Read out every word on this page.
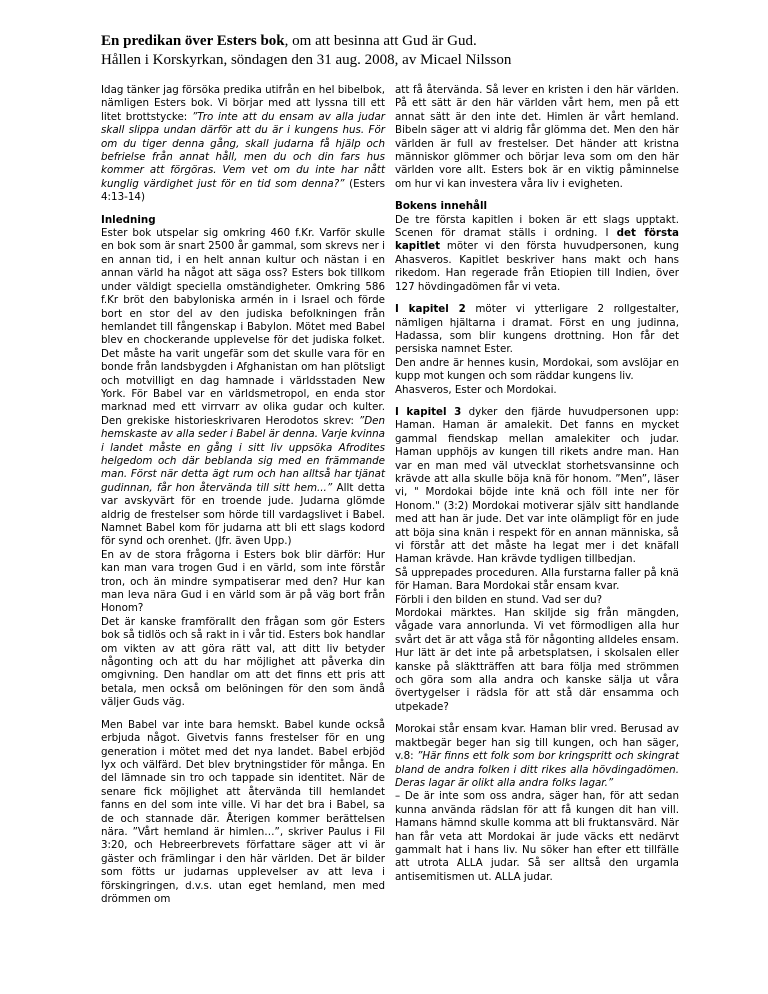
En predikan över Esters bok, om att besinna att Gud är Gud.
Hållen i Korskyrkan, söndagen den 31 aug. 2008, av Micael Nilsson

Idag tänker jag försöka predika utifrån en hel bibelbok, nämligen Esters bok. Vi börjar med att lyssna till ett litet brottstycke: ”Tro inte att du ensam av alla judar skall slippa undan därför att du är i kungens hus. För om du tiger denna gång, skall judarna få hjälp och befrielse från annat håll, men du och din fars hus kommer att förgöras. Vem vet om du inte har nått kunglig värdighet just för en tid som denna?” (Esters 4:13-14)

Inledning
Ester bok utspelar sig omkring 460 f.Kr. Varför skulle en bok som är snart 2500 år gammal, som skrevs ner i en annan tid, i en helt annan kultur och nästan i en annan värld ha något att säga oss? Esters bok tillkom under väldigt speciella omständigheter. Omkring 586 f.Kr bröt den babyloniska armén in i Israel och förde bort en stor del av den judiska befolkningen från hemlandet till fångenskap i Babylon. Mötet med Babel blev en chockerande upplevelse för det judiska folket. Det måste ha varit ungefär som det skulle vara för en bonde från landsbygden i Afghanistan om han plötsligt och motvilligt en dag hamnade i världsstaden New York. För Babel var en världsmetropol, en enda stor marknad med ett virrvarr av olika gudar och kulter. Den grekiske historieskrivaren Herodotos skrev: ”Den hemskaste av alla seder i Babel är denna. Varje kvinna i landet måste en gång i sitt liv uppsöka Afrodites helgedom och där beblanda sig med en främmande man. Först när detta ägt rum och han alltså har tjänat gudinnan, får hon återvända till sitt hem...” Allt detta var avskyvärt för en troende jude. Judarna glömde aldrig de frestelser som hörde till vardagslivet i Babel. Namnet Babel kom för judarna att bli ett slags kodord för synd och orenhet. (Jfr. även Upp.)
En av de stora frågorna i Esters bok blir därför: Hur kan man vara trogen Gud i en värld, som inte förstår tron, och än mindre sympatiserar med den? Hur kan man leva nära Gud i en värld som är på väg bort från Honom?

Det är kanske framförallt den frågan som gör Esters bok så tidlös och så rakt in i vår tid. Esters bok handlar om vikten av att göra rätt val, att ditt liv betyder någonting och att du har möjlighet att påverka din omgivning. Den handlar om att det finns ett pris att betala, men också om belöningen för den som ändå väljer Guds väg.

Men Babel var inte bara hemskt. Babel kunde också erbjuda något. Givetvis fanns frestelser för en ung generation i mötet med det nya landet. Babel erbjöd lyx och välfärd. Det blev brytningstider för många. En del lämnade sin tro och tappade sin identitet. När de senare fick möjlighet att återvända till hemlandet fanns en del som inte ville. Vi har det bra i Babel, sa de och stannade där. Återigen kommer berättelsen nära. ”Vårt hemland är himlen…”, skriver Paulus i Fil 3:20, och Hebreerbrevets författare säger att vi är gäster och främlingar i den här världen. Det är bilder som fötts ur judarnas upplevelser av att leva i förskingringen, d.v.s. utan eget hemland, men med drömmen om

att få återvända. Så lever en kristen i den här världen. På ett sätt är den här världen vårt hem, men på ett annat sätt är den inte det. Himlen är vårt hemland. Bibeln säger att vi aldrig får glömma det. Men den här världen är full av frestelser. Det händer att kristna människor glömmer och börjar leva som om den här världen vore allt. Esters bok är en viktig påminnelse om hur vi kan investera våra liv i evigheten.

Bokens innehåll

De tre första kapitlen i boken är ett slags upptakt. Scenen för dramat ställs i ordning. I det första kapitlet möter vi den första huvudpersonen, kung Ahasveros. Kapitlet beskriver hans makt och hans rikedom. Han regerade från Etiopien till Indien, över 127 hövdingadömen får vi veta.

I kapitel 2 möter vi ytterligare 2 rollgestalter, nämligen hjältarna i dramat. Först en ung judinna, Hadassa, som blir kungens drottning. Hon får det persiska namnet Ester.
Den andre är hennes kusin, Mordokai, som avslöjar en kupp mot kungen och som räddar kungens liv.

Ahasveros, Ester och Mordokai.

I kapitel 3 dyker den fjärde huvudpersonen upp: Haman. Haman är amalekit. Det fanns en mycket gammal fiendskap mellan amalekiter och judar. Haman upphöjs av kungen till rikets andre man. Han var en man med väl utvecklat storhetsvansinne och krävde att alla skulle böja knä för honom. ”Men”, läser vi, " Mordokai böjde inte knä och föll inte ner för Honom." (3:2) Mordokai motiverar själv sitt handlande med att han är jude. Det var inte olämpligt för en jude att böja sina knän i respekt för en annan människa, så vi förstår att det måste ha legat mer i det knäfall Haman krävde. Han krävde tydligen tillbedjan.
Så upprepades proceduren. Alla furstarna faller på knä för Haman. Bara Mordokai står ensam kvar.
Förbli i den bilden en stund. Vad ser du?

Mordokai märktes. Han skiljde sig från mängden, vågade vara annorlunda. Vi vet förmodligen alla hur svårt det är att våga stå för någonting alldeles ensam. Hur lätt är det inte på arbetsplatsen, i skolsalen eller kanske på släktträffen att bara följa med strömmen och göra som alla andra och kanske sälja ut våra övertygelser i rädsla för att stå där ensamma och utpekade?

Morokai står ensam kvar. Haman blir vred. Berusad av maktbegär beger han sig till kungen, och han säger, v.8: ”Här finns ett folk som bor kringspritt och skingrat bland de andra folken i ditt rikes alla hövdingadömen. Deras lagar är olikt alla andra folks lagar.”
– De är inte som oss andra, säger han, för att sedan kunna använda rädslan för att få kungen dit han vill. Hamans hämnd skulle komma att bli fruktansvärd. När han får veta att Mordokai är jude väcks ett nedärvt gammalt hat i hans liv. Nu söker han efter ett tillfälle att utrota ALLA judar. Så ser alltså den urgamla antisemitismen ut. ALLA judar.
